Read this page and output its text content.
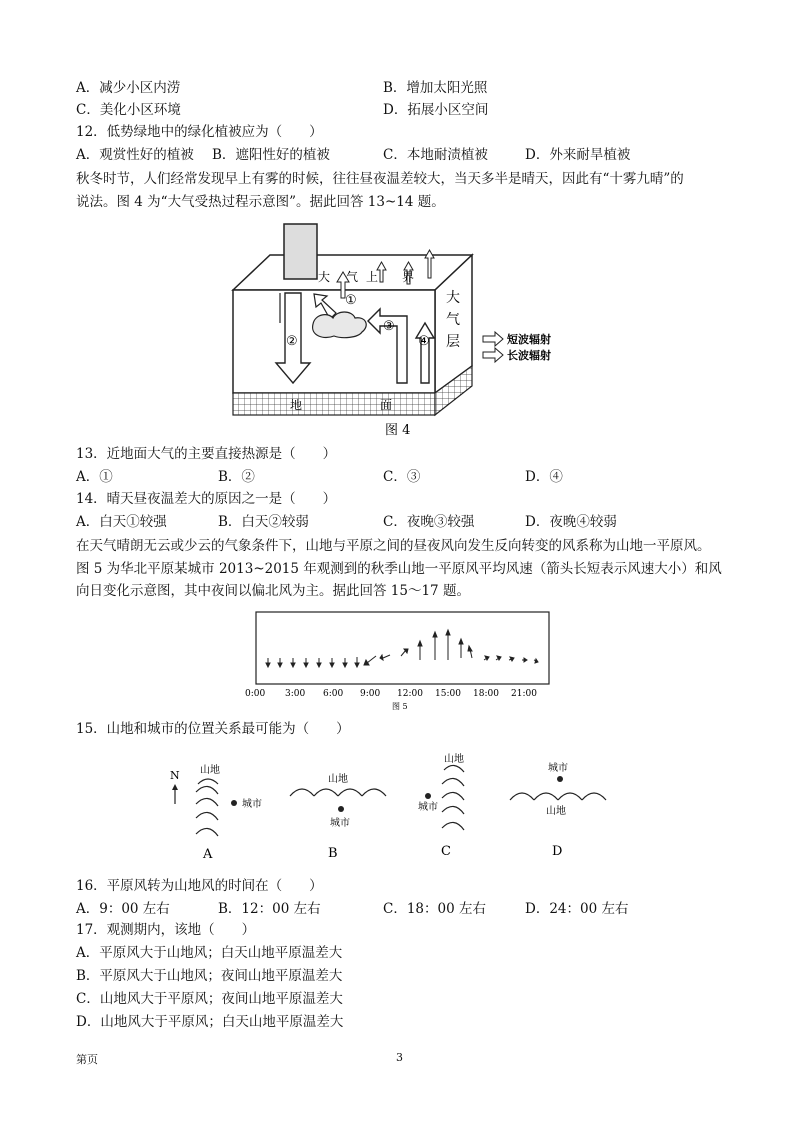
A．减少小区内涝	B．增加太阳光照
C．美化小区环境	D．拓展小区空间
12．低势绿地中的绿化植被应为（　　）
A．观赏性好的植被 B．遮阳性好的植被	C．本地耐渍植被	D．外来耐旱植被
秋冬时节，人们经常发现早上有雾的时候，往往昼夜温差较大，当天多半是晴天，因此有“十雾九晴”的
说法。图 4 为“大气受热过程示意图”。据此回答 13~14 题。
大 气 上 界
大
气
层
地	面
①
②
③
④	短波辐射
长波辐射
图 4
13．近地面大气的主要直接热源是（　　）
A．①	B．②	C．③	D．④
14．晴天昼夜温差大的原因之一是（　　）
A．白天①较强	B．白天②较弱	C．夜晚③较强	D．夜晚④较弱
在天气晴朗无云或少云的气象条件下，山地与平原之间的昼夜风向发生反向转变的风系称为山地一平原风。
图 5 为华北平原某城市 2013~2015 年观测到的秋季山地一平原风平均风速（箭头长短表示风速大小）和风
向日变化示意图，其中夜间以偏北风为主。据此回答 15～17 题。
0:00 3:00 6:00 9:00 12:00 15:00 18:00 21:00
图 5
15．山地和城市的位置关系最可能为（　　）
N 山地
城市
A
山地
城市
B
山地
城市
C
城市
山地
D
16．平原风转为山地风的时间在（　　）
A．9：00 左右	B．12：00 左右	C．18：00 左右	D．24：00 左右
17．观测期内，该地（　　）
A．平原风大于山地风；白天山地平原温差大
B．平原风大于山地风；夜间山地平原温差大
C．山地风大于平原风；夜间山地平原温差大
D．山地风大于平原风；白天山地平原温差大
第页	3
